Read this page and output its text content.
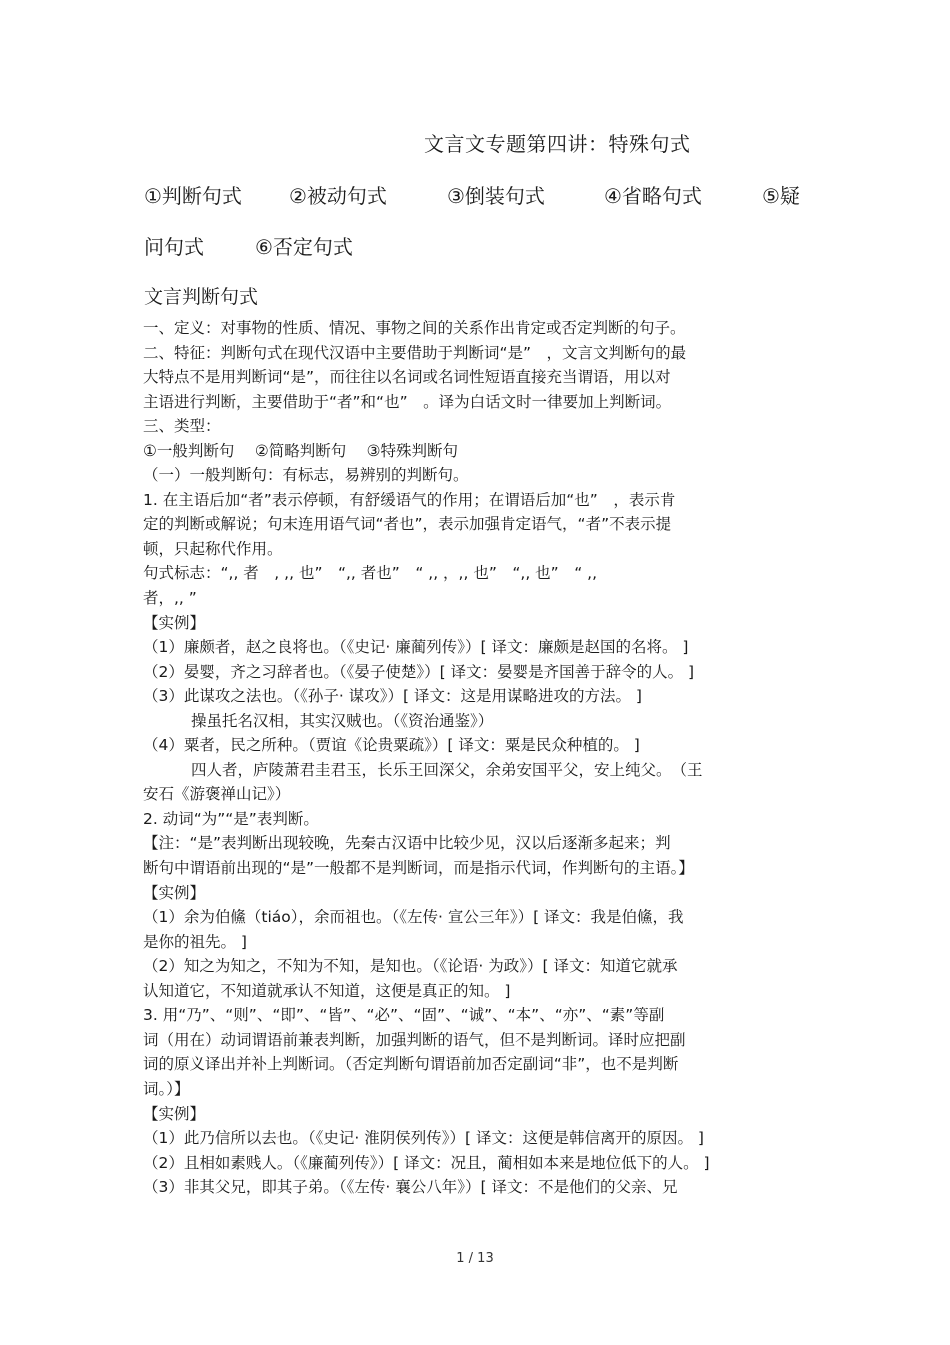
文言文专题第四讲：特殊句式
①判断句式 ②被动句式	③倒装句式	④省略句式	⑤疑
问句式	⑥否定句式
文言判断句式
一、定义：对事物的性质、情况、事物之间的关系作出肯定或否定判断的句子。
二、特征：判断句式在现代汉语中主要借助于判断词“是”　，文言文判断句的最
大特点不是用判断词“是”，而往往以名词或名词性短语直接充当谓语，用以对
主语进行判断，主要借助于“者”和“也”　。译为白话文时一律要加上判断词。
三、类型：
①一般判断句　 ②简略判断句　 ③特殊判断句
（一）一般判断句：有标志，易辨别的判断句。
1. 在主语后加“者”表示停顿，有舒缓语气的作用；在谓语后加“也”　，表示肯
定的判断或解说；句末连用语气词“者也”，表示加强肯定语气，“者”不表示提
顿，只起称代作用。
句式标志：“,, 者　, ,, 也”　“,, 者也”　“ ,, ，,, 也”　“,, 也”　“ ,,
者，,, ”
【实例】
（1）廉颇者，赵之良将也。（《史记· 廉蔺列传》）[ 译文：廉颇是赵国的名将。 ]
（2）晏婴，齐之习辞者也。（《晏子使楚》）[ 译文：晏婴是齐国善于辞令的人。 ]
（3）此谋攻之法也。（《孙子· 谋攻》）[ 译文：这是用谋略进攻的方法。 ]
操虽托名汉相，其实汉贼也。（《资治通鉴》）
（4）粟者，民之所种。（贾谊《论贵粟疏》）[ 译文：粟是民众种植的。 ]
四人者，庐陵萧君圭君玉，长乐王回深父，余弟安国平父，安上纯父。　（王
安石《游褒禅山记》）
2. 动词“为”“是”表判断。
【注：“是”表判断出现较晚，先秦古汉语中比较少见，汉以后逐渐多起来；判
断句中谓语前出现的“是”一般都不是判断词，而是指示代词，作判断句的主语。】
【实例】
（1）余为伯鯈（tiáo），余而祖也。（《左传· 宣公三年》）[ 译文：我是伯鯈，我
是你的祖先。 ]
（2）知之为知之，不知为不知，是知也。（《论语· 为政》）[ 译文：知道它就承
认知道它，不知道就承认不知道，这便是真正的知。 ]
3. 用“乃”、“则”、“即”、“皆”、“必”、“固”、“诚”、“本”、“亦”、“素”等副
词（用在）动词谓语前兼表判断，加强判断的语气，但不是判断词。译时应把副
词的原义译出并补上判断词。（否定判断句谓语前加否定副词“非”，也不是判断
词。）】
【实例】
（1）此乃信所以去也。（《史记· 淮阴侯列传》）[ 译文：这便是韩信离开的原因。 ]
（2）且相如素贱人。（《廉蔺列传》）[ 译文：况且，蔺相如本来是地位低下的人。 ]
（3）非其父兄，即其子弟。（《左传· 襄公八年》）[ 译文：不是他们的父亲、兄
1 / 13
